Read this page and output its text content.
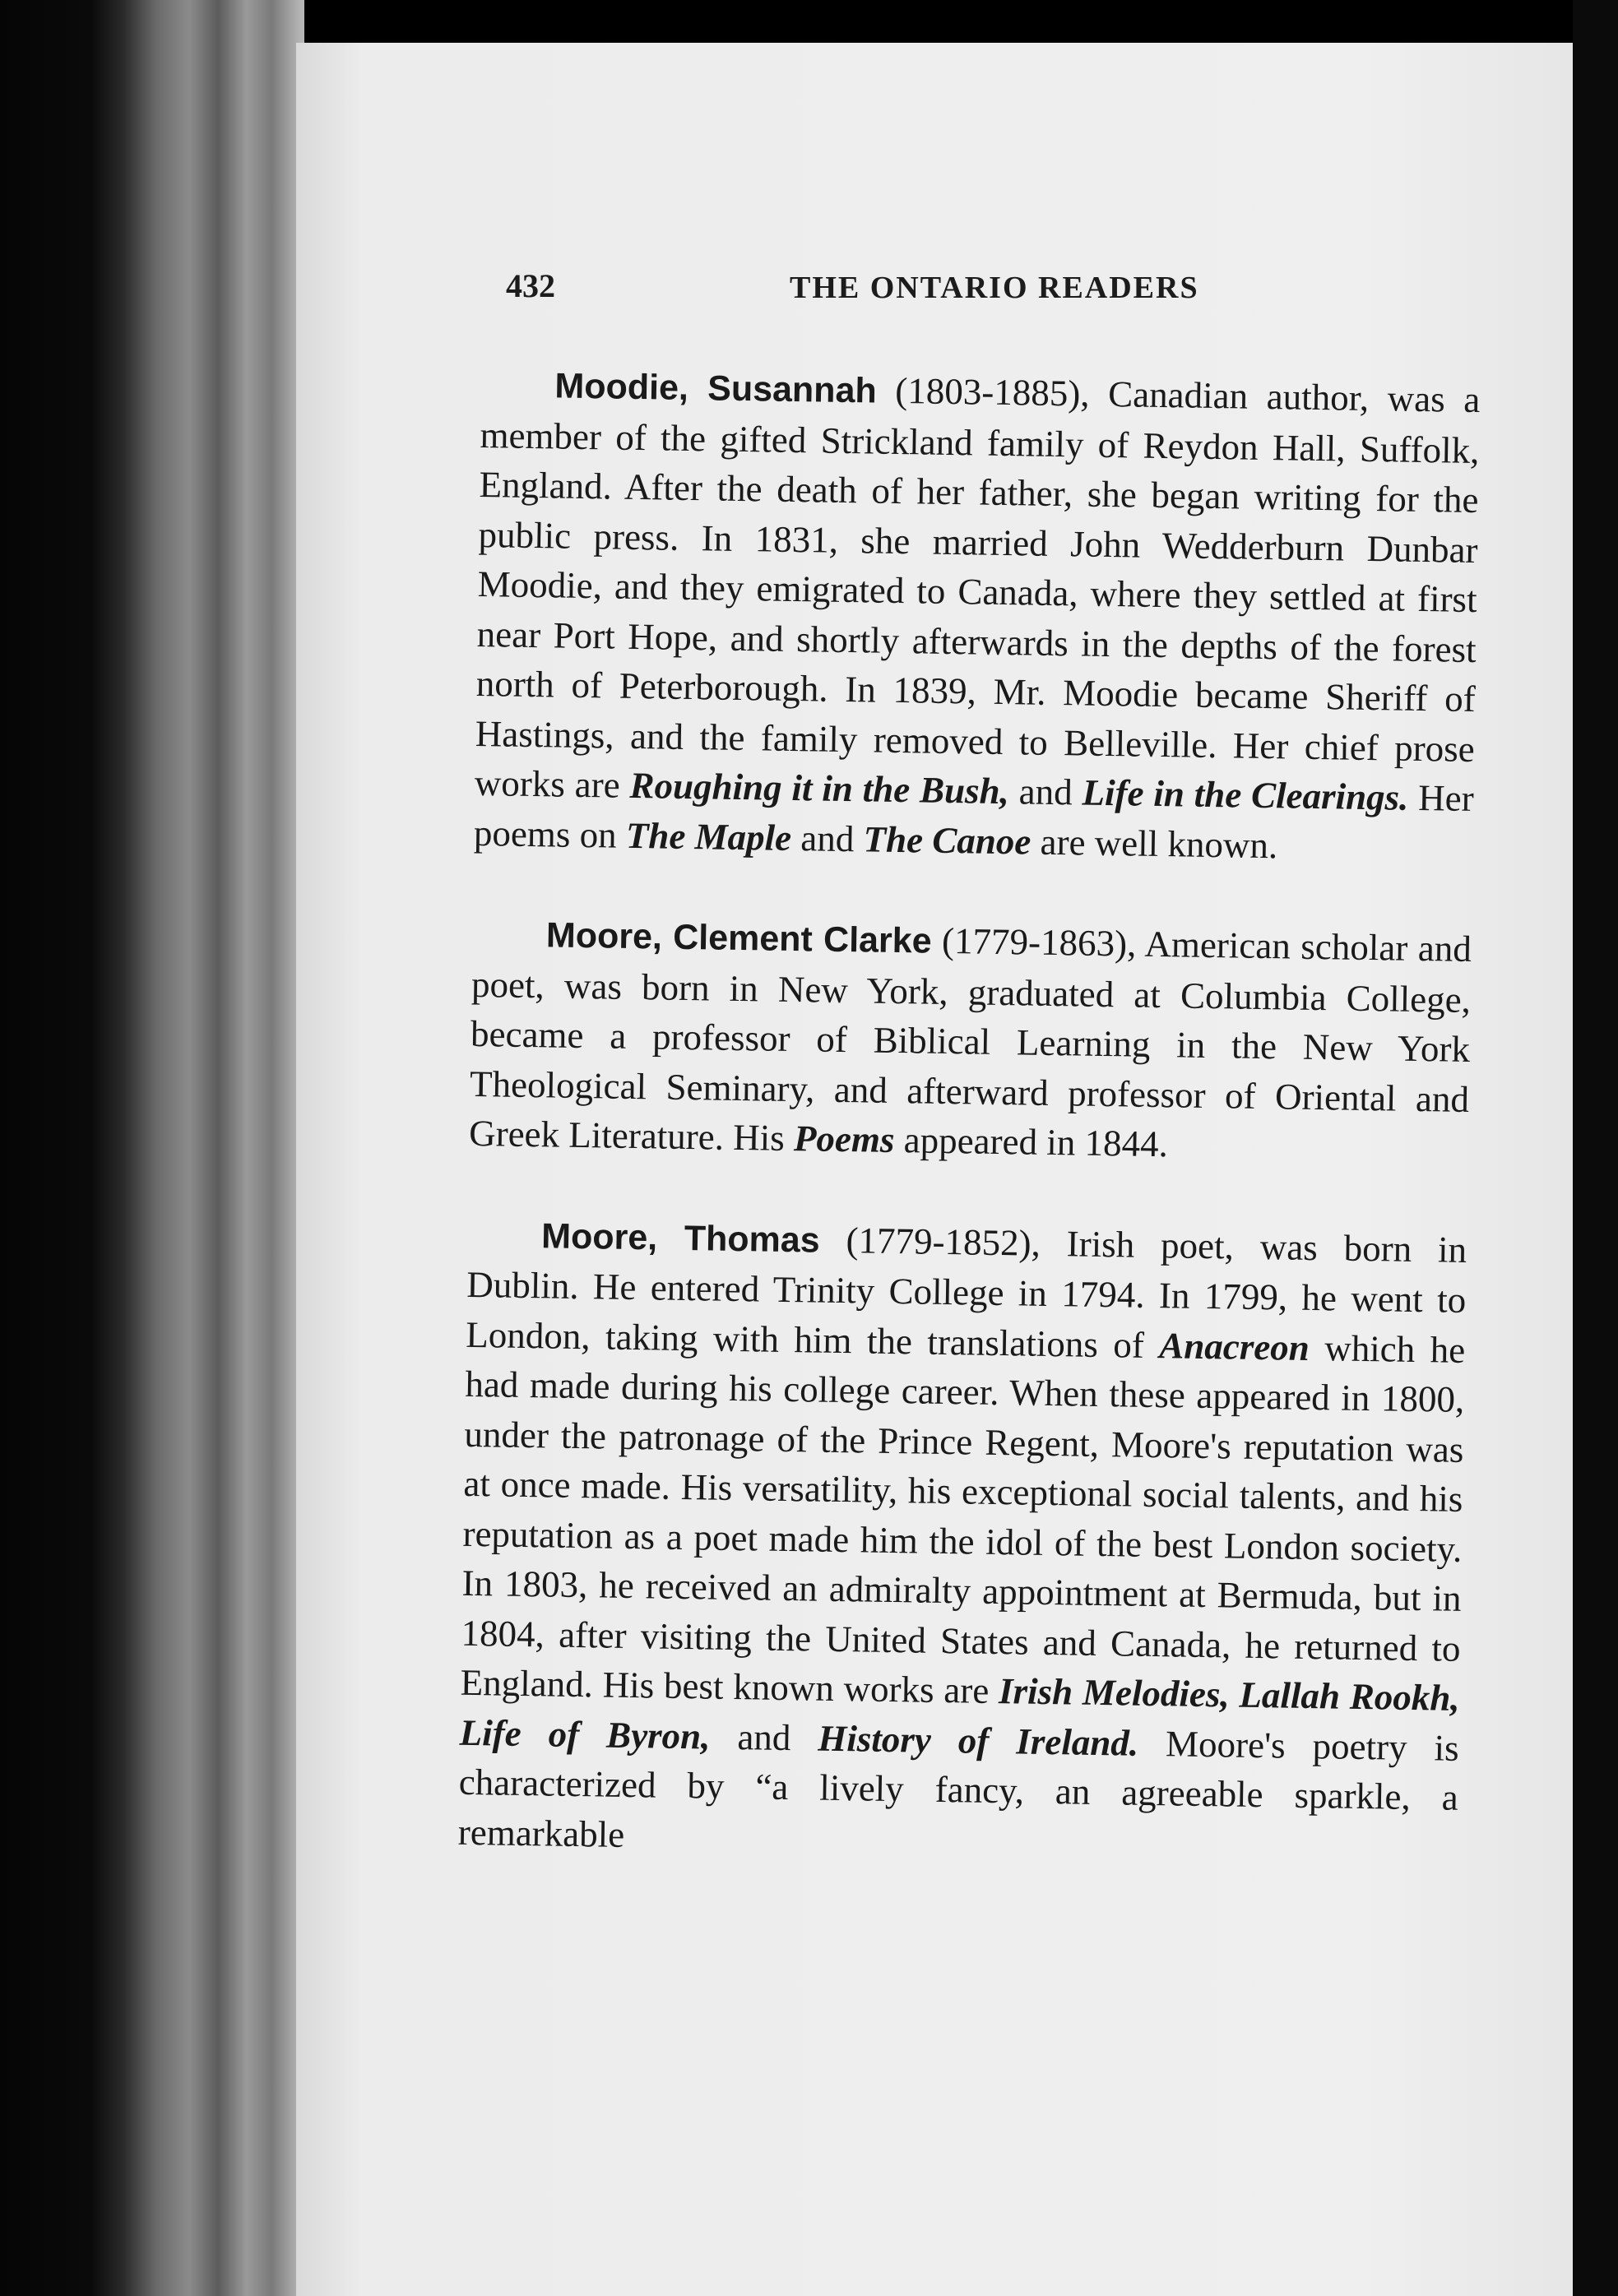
432	THE ONTARIO READERS

Moodie, Susannah (1803-1885), Canadian author, was a member of the gifted Strickland family of Reydon Hall, Suffolk, England. After the death of her father, she began writing for the public press. In 1831, she married John Wedderburn Dunbar Moodie, and they emigrated to Canada, where they settled at first near Port Hope, and shortly afterwards in the depths of the forest north of Peterborough. In 1839, Mr. Moodie became Sheriff of Hastings, and the family removed to Belleville. Her chief prose works are Roughing it in the Bush, and Life in the Clearings. Her poems on The Maple and The Canoe are well known.

Moore, Clement Clarke (1779-1863), American scholar and poet, was born in New York, graduated at Columbia College, became a professor of Biblical Learning in the New York Theological Seminary, and afterward professor of Oriental and Greek Literature. His Poems appeared in 1844.

Moore, Thomas (1779-1852), Irish poet, was born in Dublin. He entered Trinity College in 1794. In 1799, he went to London, taking with him the translations of Anacreon which he had made during his college career. When these appeared in 1800, under the patronage of the Prince Regent, Moore's reputation was at once made. His versatility, his exceptional social talents, and his reputation as a poet made him the idol of the best London society. In 1803, he received an admiralty appointment at Bermuda, but in 1804, after visiting the United States and Canada, he returned to England. His best known works are Irish Melodies, Lallah Rookh, Life of Byron, and History of Ireland. Moore's poetry is characterized by “a lively fancy, an agreeable sparkle, a remarkable
